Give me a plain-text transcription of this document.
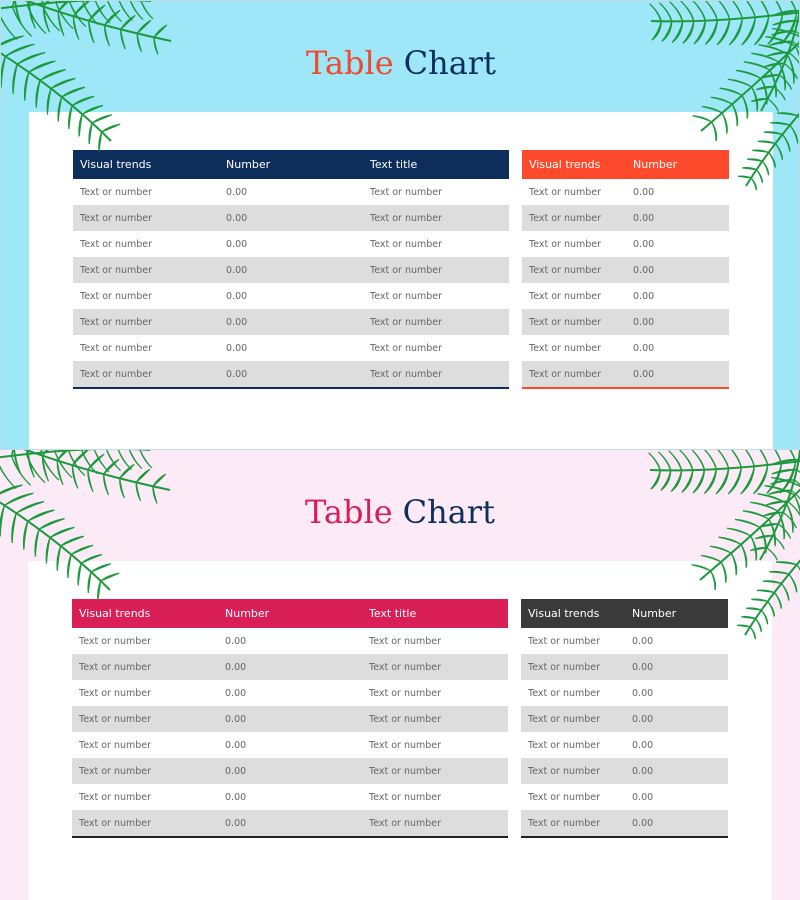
Table Chart
Visual trends	Number	Text title
Text or number	0.00	Text or number
Text or number	0.00	Text or number
Text or number	0.00	Text or number
Text or number	0.00	Text or number
Text or number	0.00	Text or number
Text or number	0.00	Text or number
Text or number	0.00	Text or number
Text or number	0.00	Text or number
Visual trends	Number
Text or number	0.00
Text or number	0.00
Text or number	0.00
Text or number	0.00
Text or number	0.00
Text or number	0.00
Text or number	0.00
Text or number	0.00
Table Chart
Visual trends	Number	Text title
Text or number	0.00	Text or number
Text or number	0.00	Text or number
Text or number	0.00	Text or number
Text or number	0.00	Text or number
Text or number	0.00	Text or number
Text or number	0.00	Text or number
Text or number	0.00	Text or number
Text or number	0.00	Text or number
Visual trends	Number
Text or number	0.00
Text or number	0.00
Text or number	0.00
Text or number	0.00
Text or number	0.00
Text or number	0.00
Text or number	0.00
Text or number	0.00
